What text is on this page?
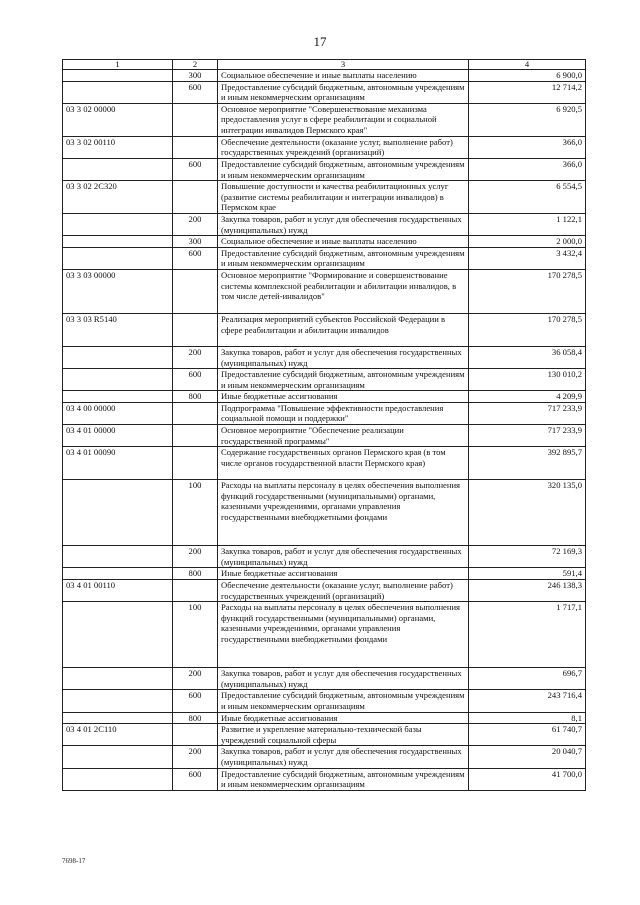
17
1	2	3	4
	300	Социальное обеспечение и иные выплаты населению	6 900,0
	600	Предоставление субсидий бюджетным, автономным учреждениям и иным некоммерческим организациям	12 714,2
03 3 02 00000		Основное мероприятие "Совершенствование механизма предоставления услуг в сфере реабилитации и социальной интеграции инвалидов Пермского края"	6 920,5
03 3 02 00110		Обеспечение деятельности (оказание услуг, выполнение работ) государственных учреждений (организаций)	366,0
	600	Предоставление субсидий бюджетным, автономным учреждениям и иным некоммерческим организациям	366,0
03 3 02 2С320		Повышение доступности и качества реабилитационных услуг (развитие системы реабилитации и интеграции инвалидов) в Пермском крае	6 554,5
	200	Закупка товаров, работ и услуг для обеспечения государственных (муниципальных) нужд	1 122,1
	300	Социальное обеспечение и иные выплаты населению	2 000,0
	600	Предоставление субсидий бюджетным, автономным учреждениям и иным некоммерческим организациям	3 432,4
03 3 03 00000		Основное мероприятие "Формирование и совершенствование системы комплексной реабилитации и абилитации инвалидов, в том числе детей-инвалидов"	170 278,5
03 3 03 R5140		Реализация мероприятий субъектов Российской Федерации в сфере реабилитации и абилитации инвалидов	170 278,5
	200	Закупка товаров, работ и услуг для обеспечения государственных (муниципальных) нужд	36 058,4
	600	Предоставление субсидий бюджетным, автономным учреждениям и иным некоммерческим организациям	130 010,2
	800	Иные бюджетные ассигнования	4 209,9
03 4 00 00000		Подпрограмма "Повышение эффективности предоставления социальной помощи и поддержки"	717 233,9
03 4 01 00000		Основное мероприятие "Обеспечение реализации государственной программы"	717 233,9
03 4 01 00090		Содержание государственных органов Пермского края (в том числе органов государственной власти Пермского края)	392 895,7
	100	Расходы на выплаты персоналу в целях обеспечения выполнения функций государственными (муниципальными) органами, казенными учреждениями, органами управления государственными внебюджетными фондами	320 135,0
	200	Закупка товаров, работ и услуг для обеспечения государственных (муниципальных) нужд	72 169,3
	800	Иные бюджетные ассигнования	591,4
03 4 01 00110		Обеспечение деятельности (оказание услуг, выполнение работ) государственных учреждений (организаций)	246 138,3
	100	Расходы на выплаты персоналу в целях обеспечения выполнения функций государственными (муниципальными) органами, казенными учреждениями, органами управления государственными внебюджетными фондами	1 717,1
	200	Закупка товаров, работ и услуг для обеспечения государственных (муниципальных) нужд	696,7
	600	Предоставление субсидий бюджетным, автономным учреждениям и иным некоммерческим организациям	243 716,4
	800	Иные бюджетные ассигнования	8,1
03 4 01 2С110		Развитие и укрепление материально-технической базы учреждений социальной сферы	61 740,7
	200	Закупка товаров, работ и услуг для обеспечения государственных (муниципальных) нужд	20 040,7
	600	Предоставление субсидий бюджетным, автономным учреждениям и иным некоммерческим организациям	41 700,0
7698-17
